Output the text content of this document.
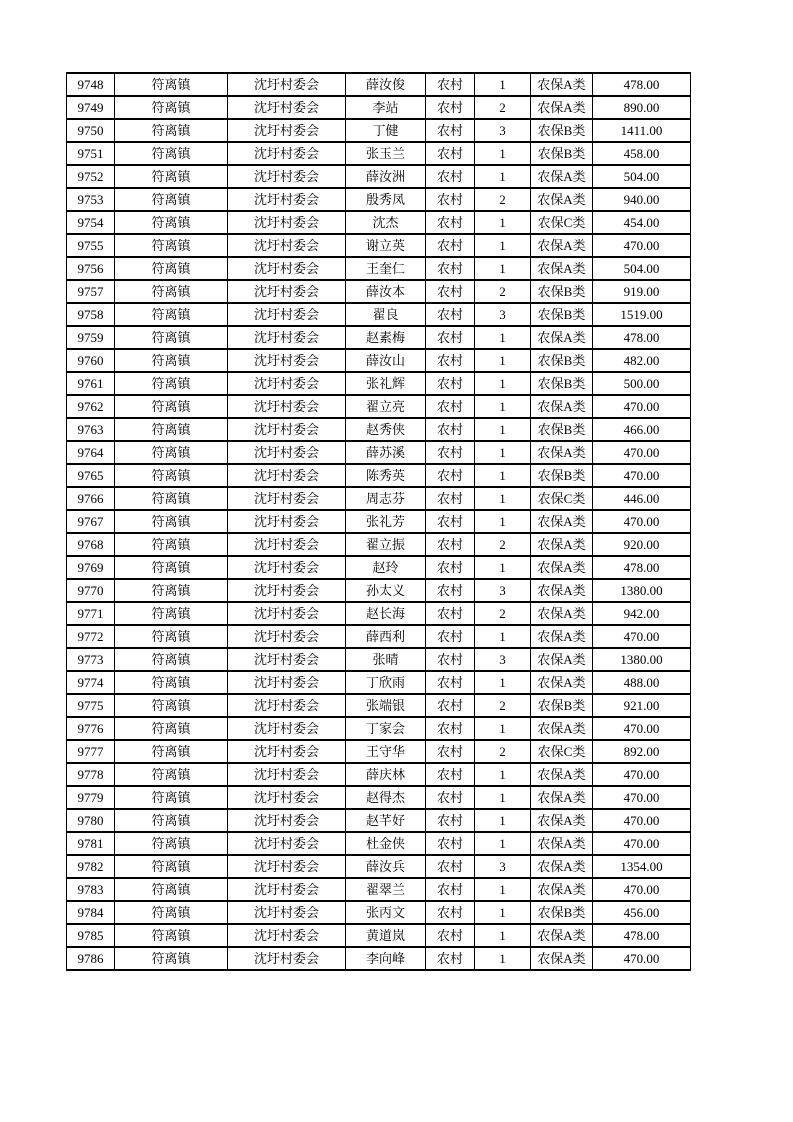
9748	符离镇	沈圩村委会	薛汝俊	农村	1	农保A类	478.00
9749	符离镇	沈圩村委会	李站	农村	2	农保A类	890.00
9750	符离镇	沈圩村委会	丁健	农村	3	农保B类	1411.00
9751	符离镇	沈圩村委会	张玉兰	农村	1	农保B类	458.00
9752	符离镇	沈圩村委会	薛汝洲	农村	1	农保A类	504.00
9753	符离镇	沈圩村委会	殷秀凤	农村	2	农保A类	940.00
9754	符离镇	沈圩村委会	沈杰	农村	1	农保C类	454.00
9755	符离镇	沈圩村委会	谢立英	农村	1	农保A类	470.00
9756	符离镇	沈圩村委会	王奎仁	农村	1	农保A类	504.00
9757	符离镇	沈圩村委会	薛汝本	农村	2	农保B类	919.00
9758	符离镇	沈圩村委会	翟良	农村	3	农保B类	1519.00
9759	符离镇	沈圩村委会	赵素梅	农村	1	农保A类	478.00
9760	符离镇	沈圩村委会	薛汝山	农村	1	农保B类	482.00
9761	符离镇	沈圩村委会	张礼辉	农村	1	农保B类	500.00
9762	符离镇	沈圩村委会	翟立亮	农村	1	农保A类	470.00
9763	符离镇	沈圩村委会	赵秀侠	农村	1	农保B类	466.00
9764	符离镇	沈圩村委会	薛苏溪	农村	1	农保A类	470.00
9765	符离镇	沈圩村委会	陈秀英	农村	1	农保B类	470.00
9766	符离镇	沈圩村委会	周志芬	农村	1	农保C类	446.00
9767	符离镇	沈圩村委会	张礼芳	农村	1	农保A类	470.00
9768	符离镇	沈圩村委会	翟立振	农村	2	农保A类	920.00
9769	符离镇	沈圩村委会	赵玲	农村	1	农保A类	478.00
9770	符离镇	沈圩村委会	孙太义	农村	3	农保A类	1380.00
9771	符离镇	沈圩村委会	赵长海	农村	2	农保A类	942.00
9772	符离镇	沈圩村委会	薛西利	农村	1	农保A类	470.00
9773	符离镇	沈圩村委会	张晴	农村	3	农保A类	1380.00
9774	符离镇	沈圩村委会	丁欣雨	农村	1	农保A类	488.00
9775	符离镇	沈圩村委会	张端银	农村	2	农保B类	921.00
9776	符离镇	沈圩村委会	丁家会	农村	1	农保A类	470.00
9777	符离镇	沈圩村委会	王守华	农村	2	农保C类	892.00
9778	符离镇	沈圩村委会	薛庆林	农村	1	农保A类	470.00
9779	符离镇	沈圩村委会	赵得杰	农村	1	农保A类	470.00
9780	符离镇	沈圩村委会	赵芊好	农村	1	农保A类	470.00
9781	符离镇	沈圩村委会	杜金侠	农村	1	农保A类	470.00
9782	符离镇	沈圩村委会	薛汝兵	农村	3	农保A类	1354.00
9783	符离镇	沈圩村委会	翟翠兰	农村	1	农保A类	470.00
9784	符离镇	沈圩村委会	张丙文	农村	1	农保B类	456.00
9785	符离镇	沈圩村委会	黄道岚	农村	1	农保A类	478.00
9786	符离镇	沈圩村委会	李向峰	农村	1	农保A类	470.00
